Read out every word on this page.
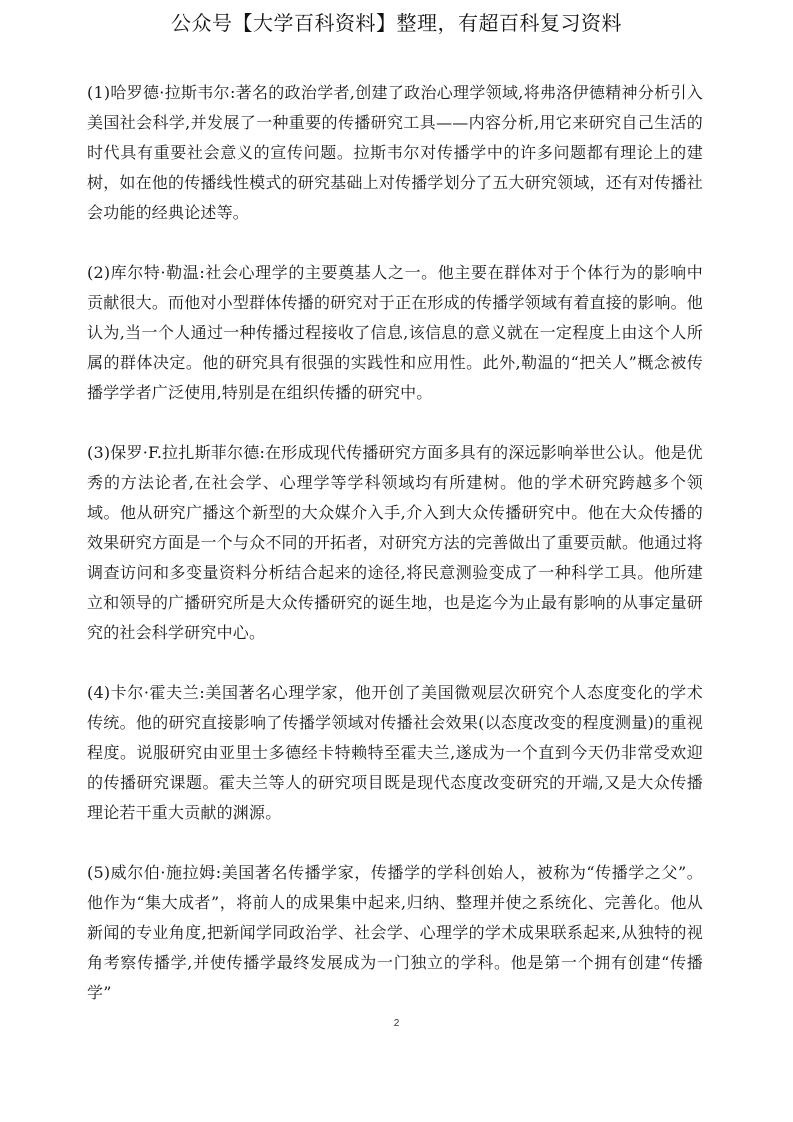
公众号【大学百科资料】整理，有超百科复习资料

(1)哈罗德·拉斯韦尔:著名的政治学者,创建了政治心理学领域,将弗洛伊德精神分析引入美国社会科学,并发展了一种重要的传播研究工具——内容分析,用它来研究自己生活的时代具有重要社会意义的宣传问题。拉斯韦尔对传播学中的许多问题都有理论上的建树，如在他的传播线性模式的研究基础上对传播学划分了五大研究领域，还有对传播社会功能的经典论述等。

(2)库尔特·勒温:社会心理学的主要奠基人之一。他主要在群体对于个体行为的影响中贡献很大。而他对小型群体传播的研究对于正在形成的传播学领域有着直接的影响。他认为,当一个人通过一种传播过程接收了信息,该信息的意义就在一定程度上由这个人所属的群体决定。他的研究具有很强的实践性和应用性。此外,勒温的“把关人”概念被传播学学者广泛使用,特别是在组织传播的研究中。

(3)保罗·F.拉扎斯菲尔德:在形成现代传播研究方面多具有的深远影响举世公认。他是优秀的方法论者,在社会学、心理学等学科领域均有所建树。他的学术研究跨越多个领域。他从研究广播这个新型的大众媒介入手,介入到大众传播研究中。他在大众传播的效果研究方面是一个与众不同的开拓者，对研究方法的完善做出了重要贡献。他通过将调查访问和多变量资料分析结合起来的途径,将民意测验变成了一种科学工具。他所建立和领导的广播研究所是大众传播研究的诞生地，也是迄今为止最有影响的从事定量研究的社会科学研究中心。

(4)卡尔·霍夫兰:美国著名心理学家，他开创了美国微观层次研究个人态度变化的学术传统。他的研究直接影响了传播学领域对传播社会效果(以态度改变的程度测量)的重视程度。说服研究由亚里士多德经卡特赖特至霍夫兰,遂成为一个直到今天仍非常受欢迎的传播研究课题。霍夫兰等人的研究项目既是现代态度改变研究的开端,又是大众传播理论若干重大贡献的渊源。

(5)威尔伯·施拉姆:美国著名传播学家，传播学的学科创始人，被称为“传播学之父”。他作为“集大成者”，将前人的成果集中起来,归纳、整理并使之系统化、完善化。他从新闻的专业角度,把新闻学同政治学、社会学、心理学的学术成果联系起来,从独特的视角考察传播学,并使传播学最终发展成为一门独立的学科。他是第一个拥有创建“传播学”

2
